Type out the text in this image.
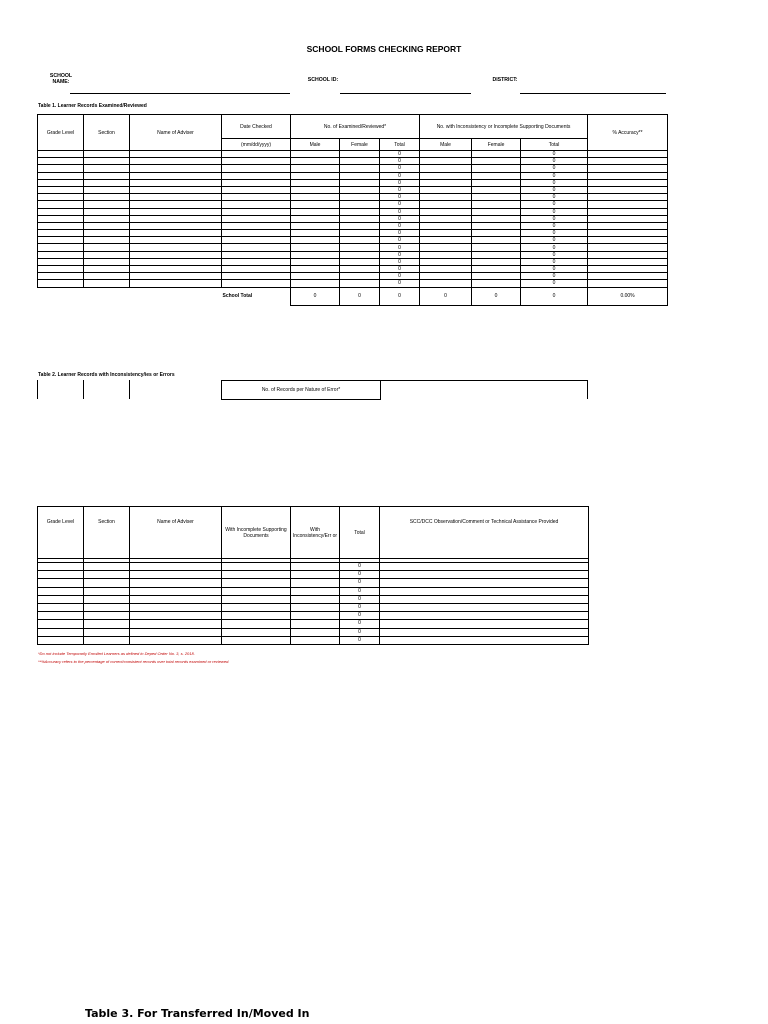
SCHOOL FORMS CHECKING REPORT
SCHOOL NAME:	SCHOOL ID:	DISTRICT:
Table 1. Learner Records Examined/Reviewed
Grade Level	Section	Name of Adviser	Date Checked	No. of Examined/Reviewed*			No. with Inconsistency or Incomplete Supporting Documents			% Accuracy**
			(mm/dd/yyyy)	Male	Female	Total	Male	Female	Total	
						0			0	
						0			0	
						0			0	
						0			0	
						0			0	
						0			0	
						0			0	
						0			0	
						0			0	
						0			0	
						0			0	
						0			0	
						0			0	
						0			0	
						0			0	
						0			0	
						0			0	
						0			0	
						0			0	
			School Total	0	0	0	0	0	0	0.00%
Table 2. Learner Records with Inconsistency/ies or Errors
No. of Records per Nature of Error*
Grade Level	Section	Name of Adviser	With Incomplete Supporting Documents	With Inconsistency/Err or	Total	SCC/DCC Observation/Comment or Technical Assistance Provided

					0	
					0	
					0	
					0	
					0	
					0	
					0	
					0	
					0	
					0	
*Do not include Temporarily Enrolled Learners as defined in Deped Order No. 3, s. 2018.
**%Accuracy refers to the percentage of correct/consistent records over total records examined or reviewed.
Table 3. For Transferred In/Moved In
